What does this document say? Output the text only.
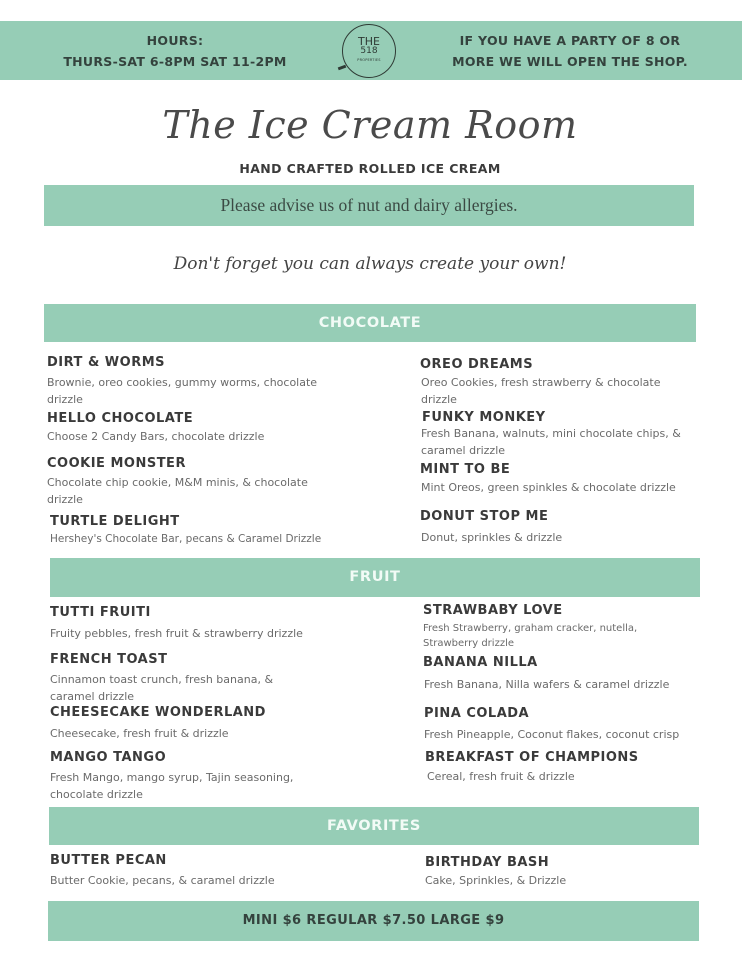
HOURS:
THURS-SAT 6-8PM SAT 11-2PM
THE
518
PROPERTIES
IF YOU HAVE A PARTY OF 8 OR
MORE WE WILL OPEN THE SHOP.
The Ice Cream Room
HAND CRAFTED ROLLED ICE CREAM
Please advise us of nut and dairy allergies.
Don't forget you can always create your own!
CHOCOLATE
DIRT & WORMS
Brownie, oreo cookies, gummy worms, chocolate drizzle
HELLO CHOCOLATE
Choose 2 Candy Bars, chocolate drizzle
COOKIE MONSTER
Chocolate chip cookie, M&M minis, & chocolate drizzle
TURTLE DELIGHT
Hershey's Chocolate Bar, pecans & Caramel Drizzle
OREO DREAMS
Oreo Cookies, fresh strawberry & chocolate drizzle
FUNKY MONKEY
Fresh Banana, walnuts, mini chocolate chips, & caramel drizzle
MINT TO BE
Mint Oreos, green spinkles & chocolate drizzle
DONUT STOP ME
Donut, sprinkles & drizzle
FRUIT
TUTTI FRUITI
Fruity pebbles, fresh fruit & strawberry drizzle
FRENCH TOAST
Cinnamon toast crunch, fresh banana, & caramel drizzle
CHEESECAKE WONDERLAND
Cheesecake, fresh fruit & drizzle
MANGO TANGO
Fresh Mango, mango syrup, Tajin seasoning, chocolate drizzle
STRAWBABY LOVE
Fresh Strawberry, graham cracker, nutella, Strawberry drizzle
BANANA NILLA
Fresh Banana, Nilla wafers & caramel drizzle
PINA COLADA
Fresh Pineapple, Coconut flakes, coconut crisp
BREAKFAST OF CHAMPIONS
Cereal, fresh fruit & drizzle
FAVORITES
BUTTER PECAN
Butter Cookie, pecans, & caramel drizzle
BIRTHDAY BASH
Cake, Sprinkles, & Drizzle
MINI $6 REGULAR $7.50 LARGE $9
